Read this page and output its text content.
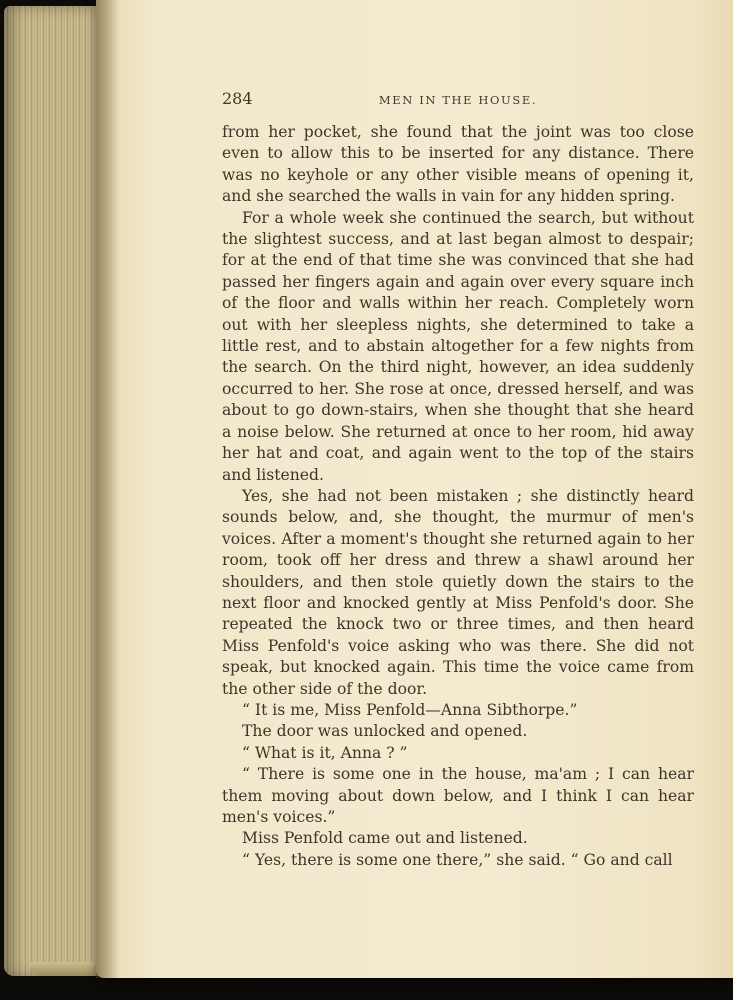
284	MEN IN THE HOUSE.

from her pocket, she found that the joint was too close even to allow this to be inserted for any distance. There was no keyhole or any other visible means of opening it, and she searched the walls in vain for any hidden spring.

For a whole week she continued the search, but without the slightest success, and at last began almost to despair; for at the end of that time she was convinced that she had passed her fingers again and again over every square inch of the floor and walls within her reach. Completely worn out with her sleepless nights, she determined to take a little rest, and to abstain altogether for a few nights from the search. On the third night, however, an idea suddenly occurred to her. She rose at once, dressed herself, and was about to go down-stairs, when she thought that she heard a noise below. She returned at once to her room, hid away her hat and coat, and again went to the top of the stairs and listened.

Yes, she had not been mistaken ; she distinctly heard sounds below, and, she thought, the murmur of men's voices. After a moment's thought she returned again to her room, took off her dress and threw a shawl around her shoulders, and then stole quietly down the stairs to the next floor and knocked gently at Miss Penfold's door. She repeated the knock two or three times, and then heard Miss Penfold's voice asking who was there. She did not speak, but knocked again. This time the voice came from the other side of the door.

“ It is me, Miss Penfold—Anna Sibthorpe.”

The door was unlocked and opened.

“ What is it, Anna ? ”

“ There is some one in the house, ma'am ; I can hear them moving about down below, and I think I can hear men's voices.”

Miss Penfold came out and listened.

“ Yes, there is some one there,” she said. “ Go and call
